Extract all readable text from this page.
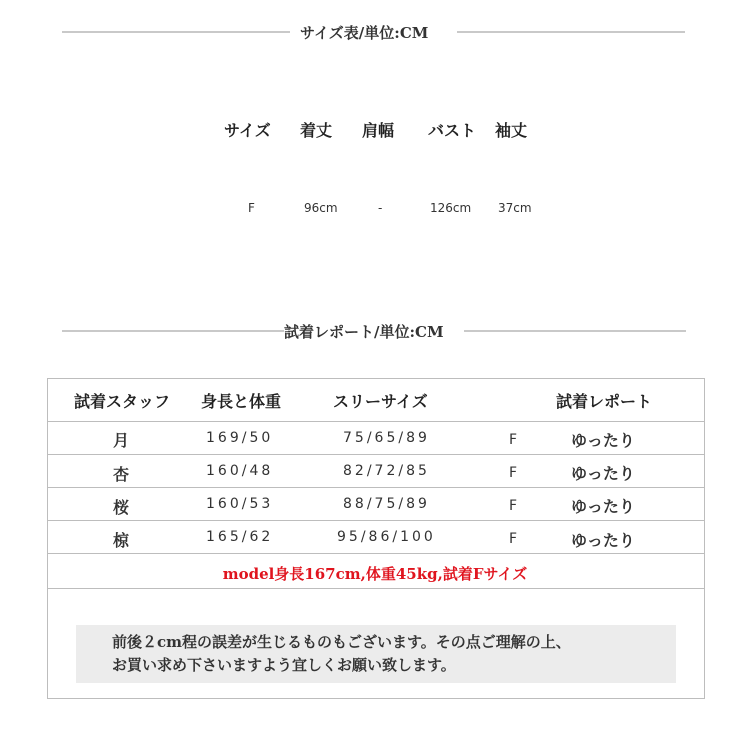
サイズ表/単位:CM
サイズ 着丈 肩幅 バスト 袖丈
F	96cm	-	126cm 37cm
試着レポート/単位:CM
試着スタッフ 身長と体重	スリーサイズ	試着レポート
月	169/50	75/65/89	F	ゆったり
杏	160/48	82/72/85	F	ゆったり
桜	160/53	88/75/89	F	ゆったり
椋	165/62	95/86/100	F	ゆったり
model身長167cm,体重45kg,試着Fサイズ
前後２cm程の誤差が生じるものもございます。その点ご理解の上、
お買い求め下さいますよう宜しくお願い致します。
